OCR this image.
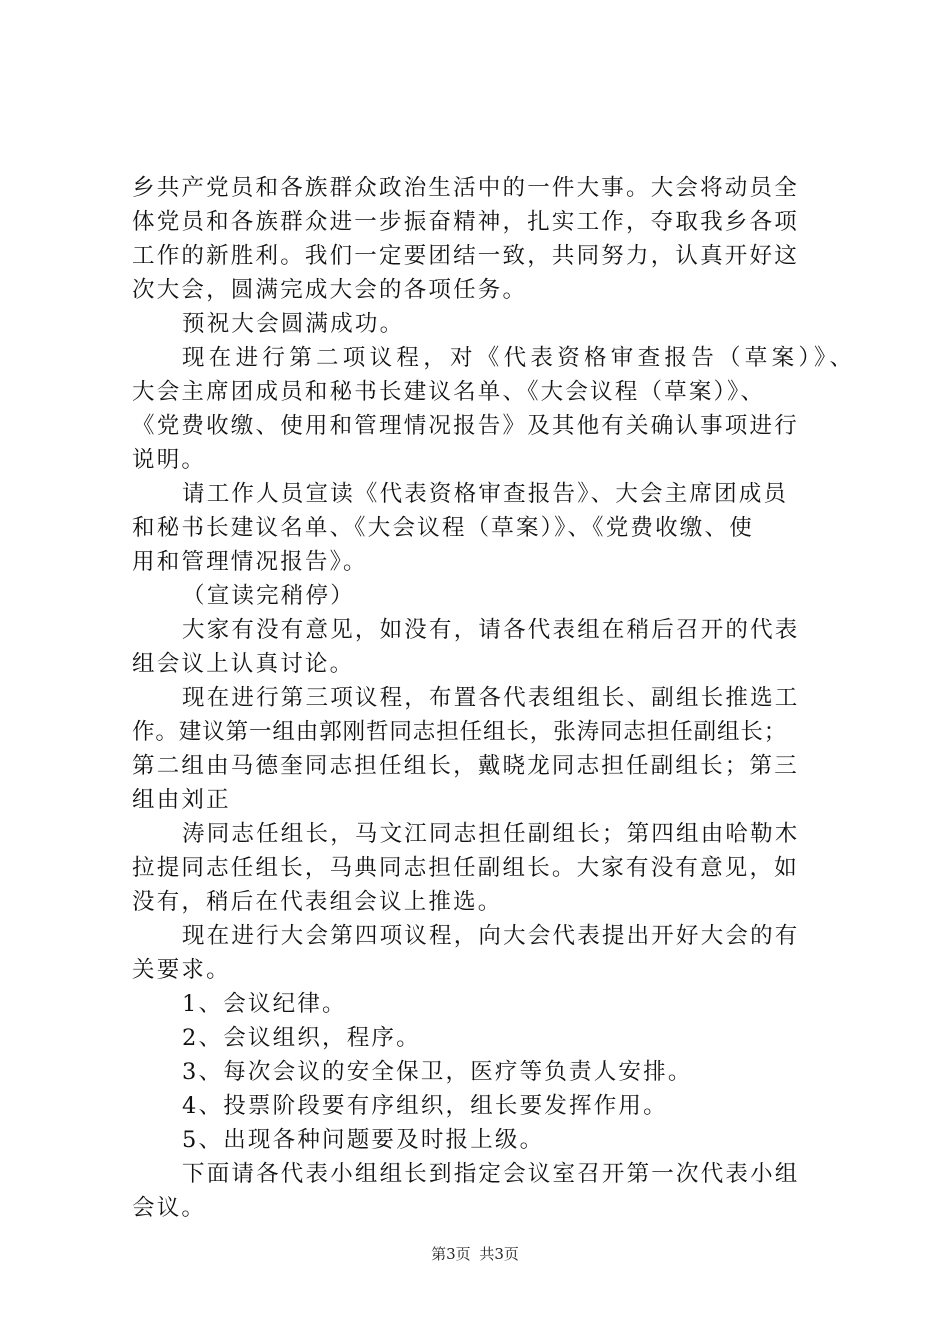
乡共产党员和各族群众政治生活中的一件大事。大会将动员全
体党员和各族群众进一步振奋精神，扎实工作，夺取我乡各项
工作的新胜利。我们一定要团结一致，共同努力，认真开好这
次大会，圆满完成大会的各项任务。
预祝大会圆满成功。
现在进行第二项议程，对《代表资格审查报告（草案）》、
大会主席团成员和秘书长建议名单、《大会议程（草案）》、
《党费收缴、使用和管理情况报告》及其他有关确认事项进行
说明。
请工作人员宣读《代表资格审查报告》、大会主席团成员
和秘书长建议名单、《大会议程（草案）》、《党费收缴、使
用和管理情况报告》。
（宣读完稍停）
大家有没有意见，如没有，请各代表组在稍后召开的代表
组会议上认真讨论。
现在进行第三项议程，布置各代表组组长、副组长推选工
作。建议第一组由郭刚哲同志担任组长，张涛同志担任副组长；
第二组由马德奎同志担任组长，戴晓龙同志担任副组长；第三
组由刘正
涛同志任组长，马文江同志担任副组长；第四组由哈勒木
拉提同志任组长，马典同志担任副组长。大家有没有意见，如
没有，稍后在代表组会议上推选。
现在进行大会第四项议程，向大会代表提出开好大会的有
关要求。
1、会议纪律。
2、会议组织，程序。
3、每次会议的安全保卫，医疗等负责人安排。
4、投票阶段要有序组织，组长要发挥作用。
5、出现各种问题要及时报上级。
下面请各代表小组组长到指定会议室召开第一次代表小组
会议。
第3页 共3页
